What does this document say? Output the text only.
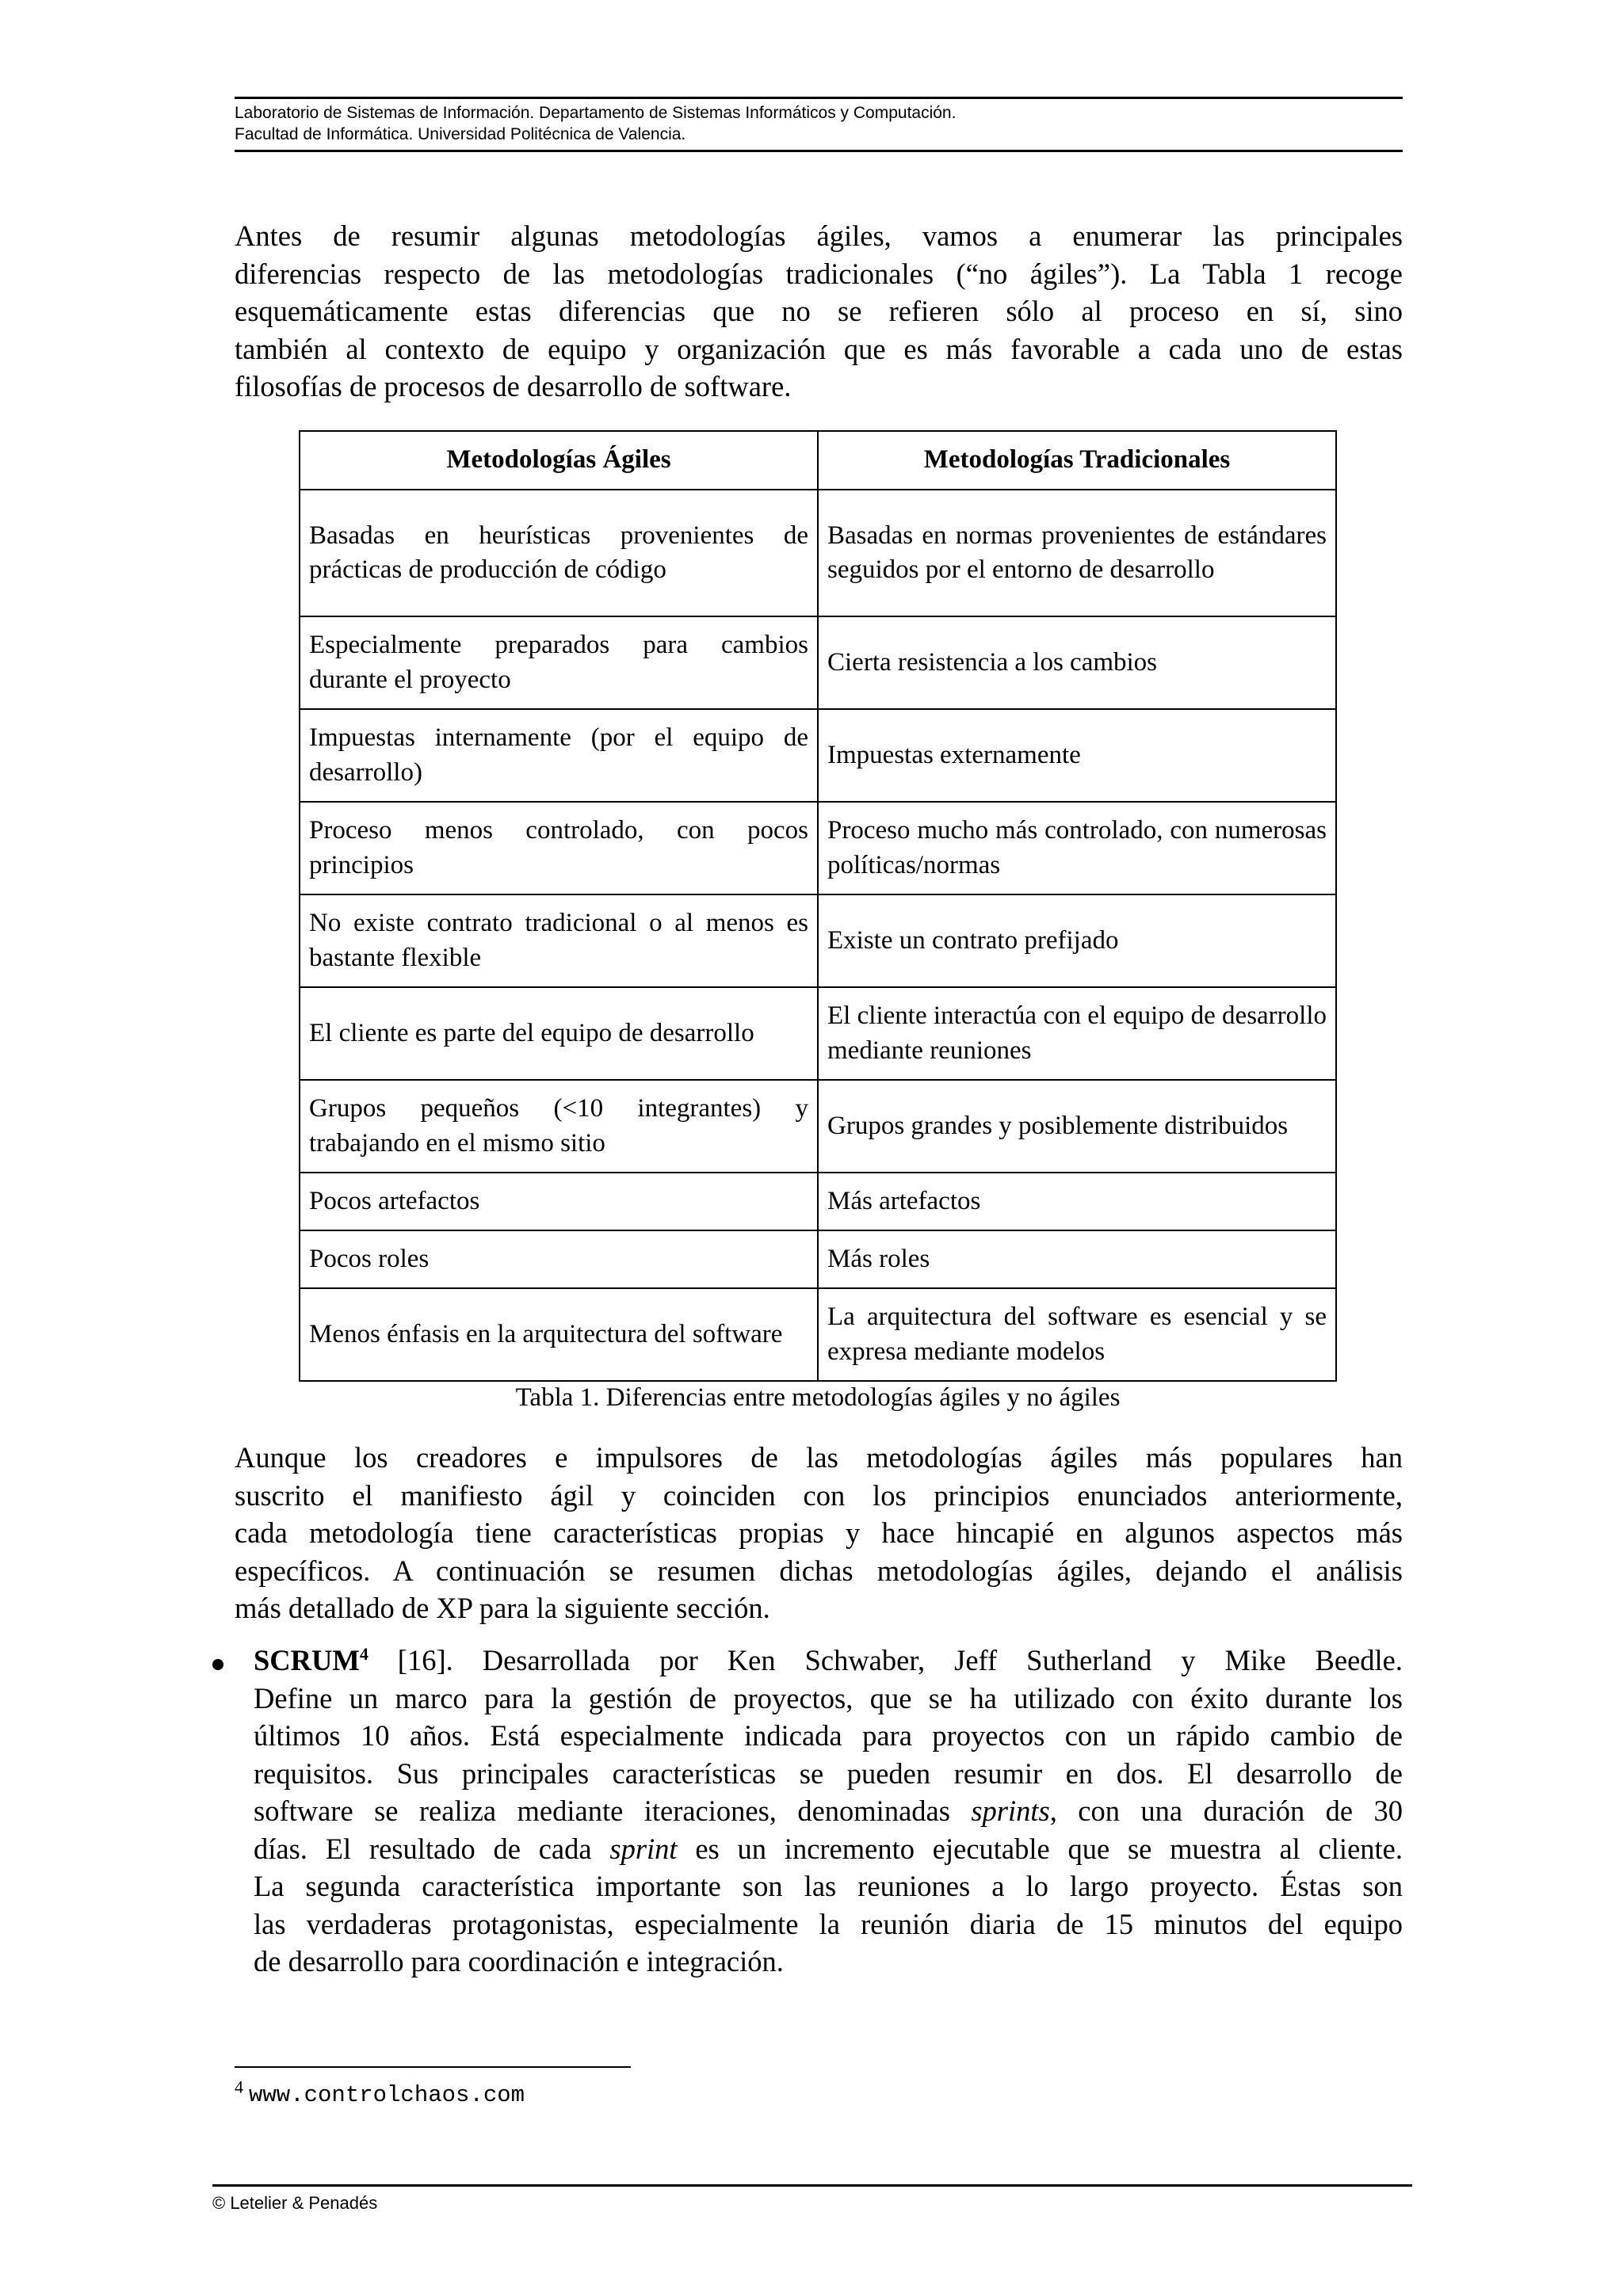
Laboratorio de Sistemas de Información. Departamento de Sistemas Informáticos y Computación.
Facultad de Informática. Universidad Politécnica de Valencia.
Antes de resumir algunas metodologías ágiles, vamos a enumerar las principales
diferencias respecto de las metodologías tradicionales (“no ágiles”). La Tabla 1 recoge
esquemáticamente estas diferencias que no se refieren sólo al proceso en sí, sino
también al contexto de equipo y organización que es más favorable a cada uno de estas
filosofías de procesos de desarrollo de software.
Metodologías Ágiles	Metodologías Tradicionales
Basadas en heurísticas provenientes de prácticas de producción de código	Basadas en normas provenientes de estándares seguidos por el entorno de desarrollo
Especialmente preparados para cambios durante el proyecto	Cierta resistencia a los cambios
Impuestas internamente (por el equipo de desarrollo)	Impuestas externamente
Proceso menos controlado, con pocos principios	Proceso mucho más controlado, con numerosas políticas/normas
No existe contrato tradicional o al menos es bastante flexible	Existe un contrato prefijado
El cliente es parte del equipo de desarrollo	El cliente interactúa con el equipo de desarrollo mediante reuniones
Grupos pequeños (<10 integrantes) y trabajando en el mismo sitio	Grupos grandes y posiblemente distribuidos
Pocos artefactos	Más artefactos
Pocos roles	Más roles
Menos énfasis en la arquitectura del software	La arquitectura del software es esencial y se expresa mediante modelos
Tabla 1. Diferencias entre metodologías ágiles y no ágiles
Aunque los creadores e impulsores de las metodologías ágiles más populares han
suscrito el manifiesto ágil y coinciden con los principios enunciados anteriormente,
cada metodología tiene características propias y hace hincapié en algunos aspectos más
específicos. A continuación se resumen dichas metodologías ágiles, dejando el análisis
más detallado de XP para la siguiente sección.
SCRUM$^4$ [16]. Desarrollada por Ken Schwaber, Jeff Sutherland y Mike Beedle.
Define un marco para la gestión de proyectos, que se ha utilizado con éxito durante los
últimos 10 años. Está especialmente indicada para proyectos con un rápido cambio de
requisitos. Sus principales características se pueden resumir en dos. El desarrollo de
software se realiza mediante iteraciones, denominadas sprints, con una duración de 30
días. El resultado de cada sprint es un incremento ejecutable que se muestra al cliente.
La segunda característica importante son las reuniones a lo largo proyecto. Éstas son
las verdaderas protagonistas, especialmente la reunión diaria de 15 minutos del equipo
de desarrollo para coordinación e integración.
$^4$ www.controlchaos.com
© Letelier & Penadés
